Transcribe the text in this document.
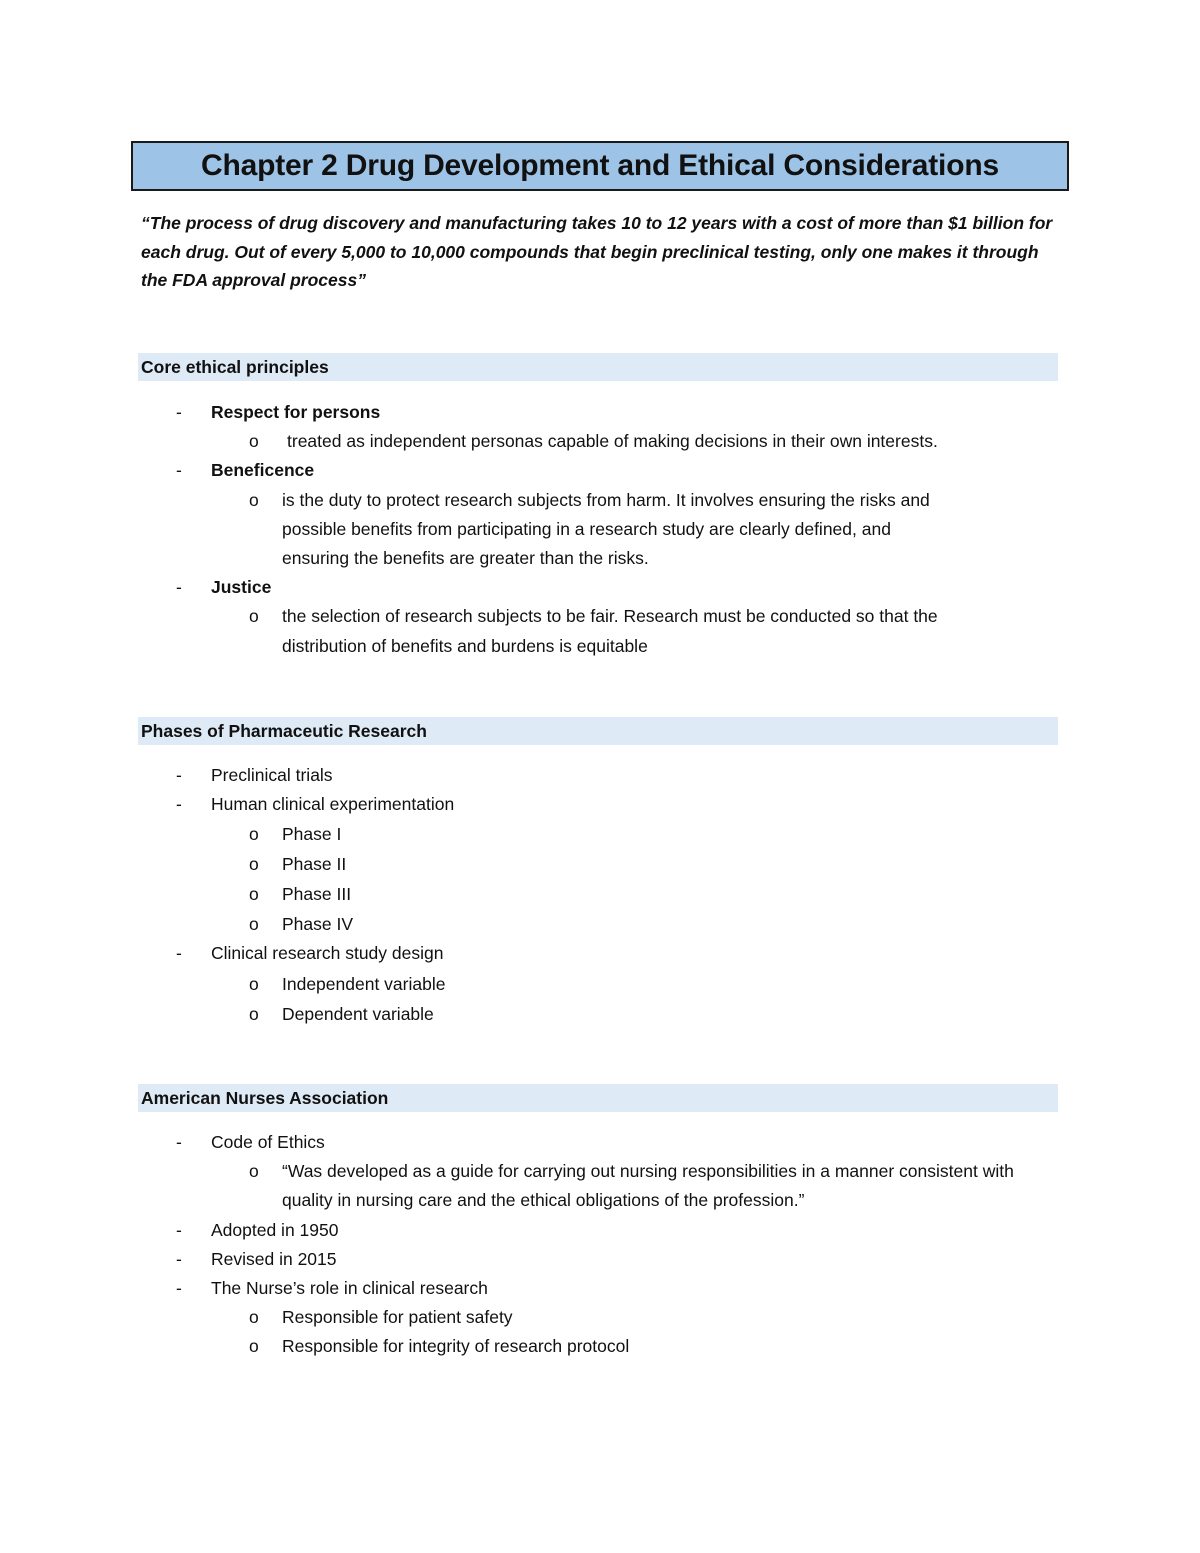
Chapter 2 Drug Development and Ethical Considerations
“The process of drug discovery and manufacturing takes 10 to 12 years with a cost of more than $1 billion for each drug. Out of every 5,000 to 10,000 compounds that begin preclinical testing, only one makes it through the FDA approval process”
Core ethical principles
- Respect for persons
o treated as independent personas capable of making decisions in their own interests.
- Beneficence
o is the duty to protect research subjects from harm. It involves ensuring the risks and possible benefits from participating in a research study are clearly defined, and ensuring the benefits are greater than the risks.
- Justice
o the selection of research subjects to be fair. Research must be conducted so that the distribution of benefits and burdens is equitable
Phases of Pharmaceutic Research
- Preclinical trials
- Human clinical experimentation
o Phase I
o Phase II
o Phase III
o Phase IV
- Clinical research study design
o Independent variable
o Dependent variable
American Nurses Association
- Code of Ethics
o “Was developed as a guide for carrying out nursing responsibilities in a manner consistent with quality in nursing care and the ethical obligations of the profession.”
- Adopted in 1950
- Revised in 2015
- The Nurse’s role in clinical research
o Responsible for patient safety
o Responsible for integrity of research protocol
